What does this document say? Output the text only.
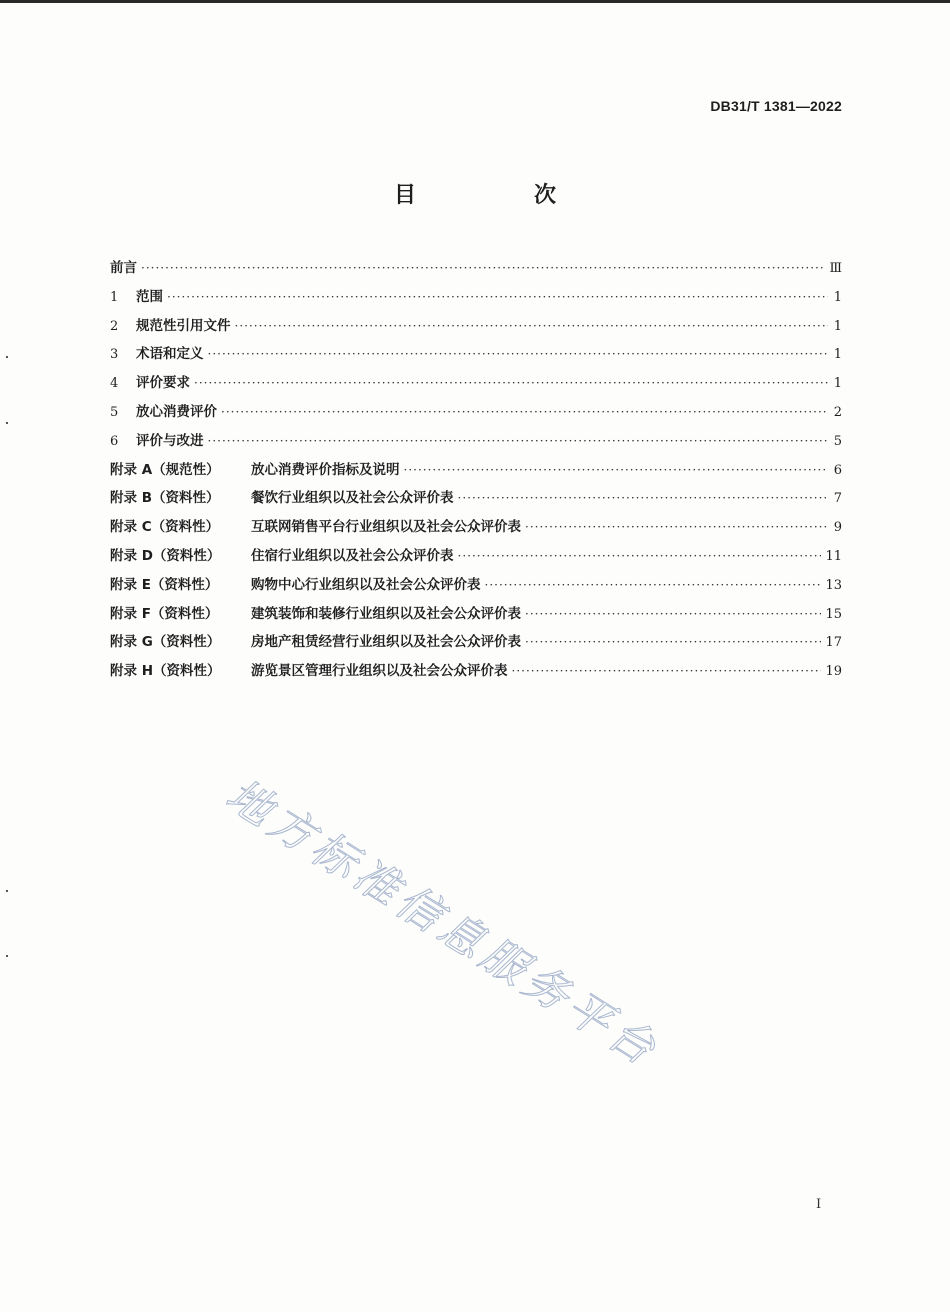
DB31/T 1381—2022
目　次
前言 ·····	Ⅲ
1	范围 ·····	1
2	规范性引用文件 ·····	1
3	术语和定义 ·····	1
4	评价要求 ·····	1
5	放心消费评价 ·····	2
6	评价与改进 ·····	5
附录 A（规范性）	放心消费评价指标及说明 ·····	6
附录 B（资料性）	餐饮行业组织以及社会公众评价表 ·····	7
附录 C（资料性）	互联网销售平台行业组织以及社会公众评价表 ·····	9
附录 D（资料性）	住宿行业组织以及社会公众评价表 ·····	11
附录 E（资料性）	购物中心行业组织以及社会公众评价表 ·····	13
附录 F（资料性）	建筑装饰和装修行业组织以及社会公众评价表 ·····	15
附录 G（资料性）	房地产租赁经营行业组织以及社会公众评价表 ·····	17
附录 H（资料性）	游览景区管理行业组织以及社会公众评价表 ·····	19
地方标准信息服务平台
I
